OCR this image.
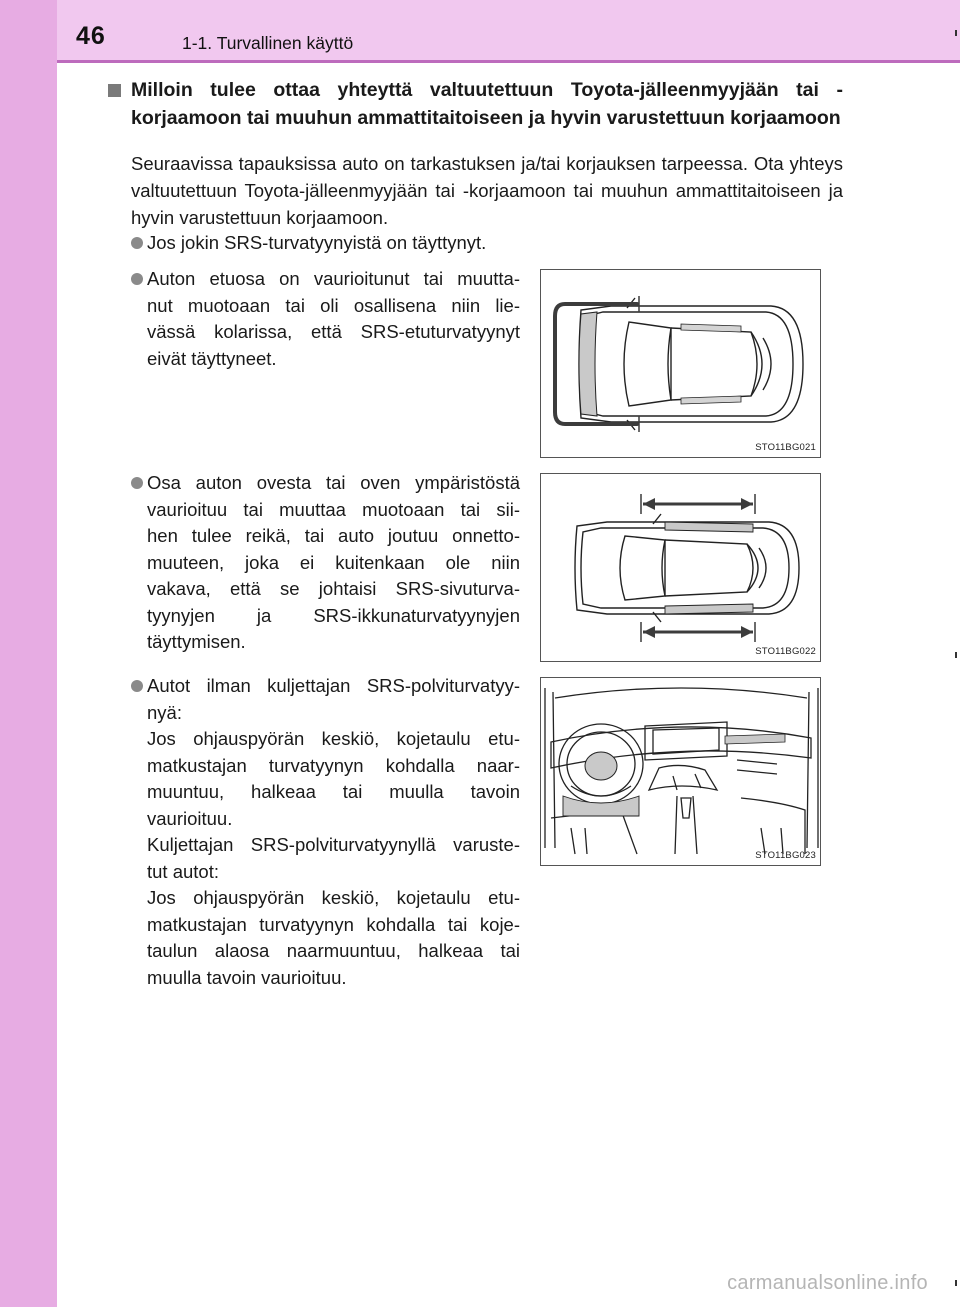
46	1-1. Turvallinen käyttö
Milloin tulee ottaa yhteyttä valtuutettuun Toyota-jälleenmyyjään tai -korjaamoon tai muuhun ammattitaitoiseen ja hyvin varustettuun korjaamoon
Seuraavissa tapauksissa auto on tarkastuksen ja/tai korjauksen tarpeessa. Ota yhteys valtuutettuun Toyota-jälleenmyyjään tai -korjaamoon tai muuhun ammattitaitoiseen ja hyvin varustettuun korjaamoon.
Jos jokin SRS-turvatyynyistä on täyttynyt.
Auton etuosa on vaurioitunut tai muutta-
nut muotoaan tai oli osallisena niin lie-
vässä kolarissa, että SRS-etuturvatyynyt
eivät täyttyneet.
Osa auton ovesta tai oven ympäristöstä
vaurioituu tai muuttaa muotoaan tai sii-
hen tulee reikä, tai auto joutuu onnetto-
muuteen, joka ei kuitenkaan ole niin
vakava, että se johtaisi SRS-sivuturva-
tyynyjen ja SRS-ikkunaturvatyynyjen
täyttymisen.
Autot ilman kuljettajan SRS-polviturvatyy-
nyä:
Jos ohjauspyörän keskiö, kojetaulu etu-
matkustajan turvatyynyn kohdalla naar-
muuntuu, halkeaa tai muulla tavoin
vaurioituu.
Kuljettajan SRS-polviturvatyynyllä varuste-
tut autot:
Jos ohjauspyörän keskiö, kojetaulu etu-
matkustajan turvatyynyn kohdalla tai koje-
taulun alaosa naarmuuntuu, halkeaa tai
muulla tavoin vaurioituu.
STO11BG021
STO11BG022
STO11BG023
carmanualsonline.info
